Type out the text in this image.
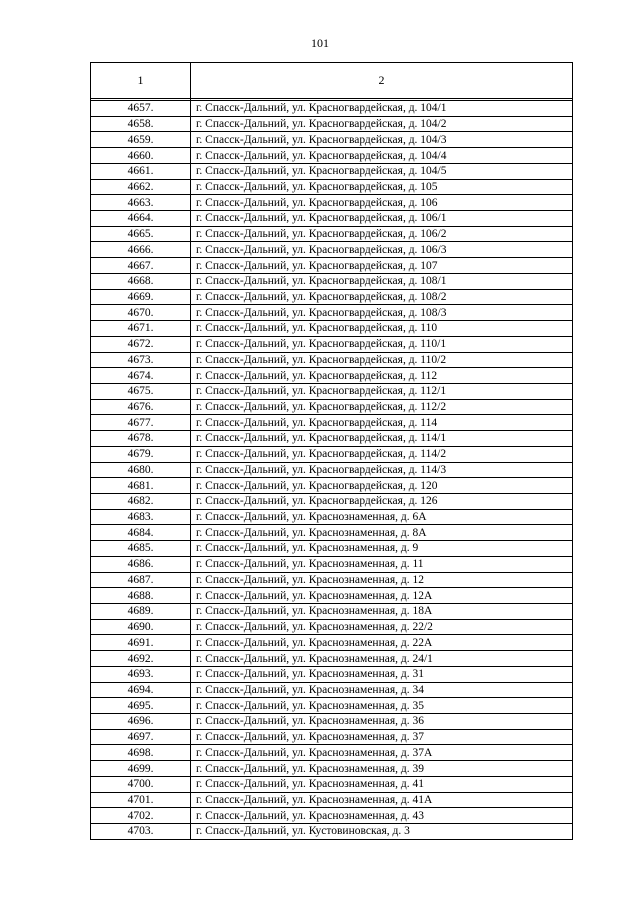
101
1	2

4657.	г. Спасск-Дальний, ул. Красногвардейская, д. 104/1
4658.	г. Спасск-Дальний, ул. Красногвардейская, д. 104/2
4659.	г. Спасск-Дальний, ул. Красногвардейская, д. 104/3
4660.	г. Спасск-Дальний, ул. Красногвардейская, д. 104/4
4661.	г. Спасск-Дальний, ул. Красногвардейская, д. 104/5
4662.	г. Спасск-Дальний, ул. Красногвардейская, д. 105
4663.	г. Спасск-Дальний, ул. Красногвардейская, д. 106
4664.	г. Спасск-Дальний, ул. Красногвардейская, д. 106/1
4665.	г. Спасск-Дальний, ул. Красногвардейская, д. 106/2
4666.	г. Спасск-Дальний, ул. Красногвардейская, д. 106/3
4667.	г. Спасск-Дальний, ул. Красногвардейская, д. 107
4668.	г. Спасск-Дальний, ул. Красногвардейская, д. 108/1
4669.	г. Спасск-Дальний, ул. Красногвардейская, д. 108/2
4670.	г. Спасск-Дальний, ул. Красногвардейская, д. 108/3
4671.	г. Спасск-Дальний, ул. Красногвардейская, д. 110
4672.	г. Спасск-Дальний, ул. Красногвардейская, д. 110/1
4673.	г. Спасск-Дальний, ул. Красногвардейская, д. 110/2
4674.	г. Спасск-Дальний, ул. Красногвардейская, д. 112
4675.	г. Спасск-Дальний, ул. Красногвардейская, д. 112/1
4676.	г. Спасск-Дальний, ул. Красногвардейская, д. 112/2
4677.	г. Спасск-Дальний, ул. Красногвардейская, д. 114
4678.	г. Спасск-Дальний, ул. Красногвардейская, д. 114/1
4679.	г. Спасск-Дальний, ул. Красногвардейская, д. 114/2
4680.	г. Спасск-Дальний, ул. Красногвардейская, д. 114/3
4681.	г. Спасск-Дальний, ул. Красногвардейская, д. 120
4682.	г. Спасск-Дальний, ул. Красногвардейская, д. 126
4683.	г. Спасск-Дальний, ул. Краснознаменная, д. 6А
4684.	г. Спасск-Дальний, ул. Краснознаменная, д. 8А
4685.	г. Спасск-Дальний, ул. Краснознаменная, д. 9
4686.	г. Спасск-Дальний, ул. Краснознаменная, д. 11
4687.	г. Спасск-Дальний, ул. Краснознаменная, д. 12
4688.	г. Спасск-Дальний, ул. Краснознаменная, д. 12А
4689.	г. Спасск-Дальний, ул. Краснознаменная, д. 18А
4690.	г. Спасск-Дальний, ул. Краснознаменная, д. 22/2
4691.	г. Спасск-Дальний, ул. Краснознаменная, д. 22А
4692.	г. Спасск-Дальний, ул. Краснознаменная, д. 24/1
4693.	г. Спасск-Дальний, ул. Краснознаменная, д. 31
4694.	г. Спасск-Дальний, ул. Краснознаменная, д. 34
4695.	г. Спасск-Дальний, ул. Краснознаменная, д. 35
4696.	г. Спасск-Дальний, ул. Краснознаменная, д. 36
4697.	г. Спасск-Дальний, ул. Краснознаменная, д. 37
4698.	г. Спасск-Дальний, ул. Краснознаменная, д. 37А
4699.	г. Спасск-Дальний, ул. Краснознаменная, д. 39
4700.	г. Спасск-Дальний, ул. Краснознаменная, д. 41
4701.	г. Спасск-Дальний, ул. Краснознаменная, д. 41А
4702.	г. Спасск-Дальний, ул. Краснознаменная, д. 43
4703.	г. Спасск-Дальний, ул. Кустовиновская, д. 3
